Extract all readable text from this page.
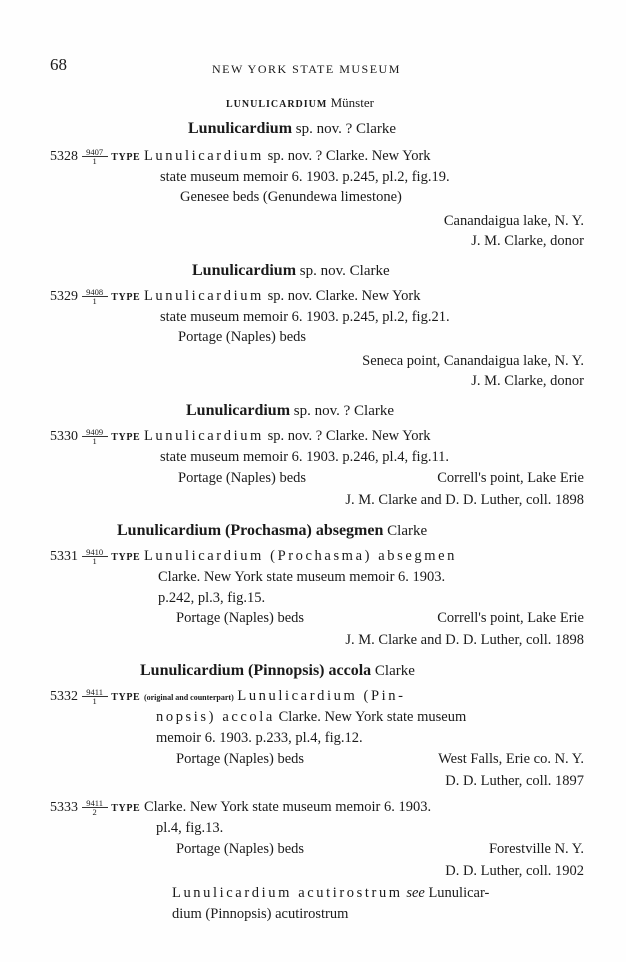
68	NEW YORK STATE MUSEUM
LUNULICARDIUM Münster
Lunulicardium sp. nov. ? Clarke
$5328 \frac{9407}{1}$ TYPE Lunulicardium sp. nov. ? Clarke. New York
state museum memoir 6. 1903. p.245, pl.2, fig.19.
Genesee beds (Genundewa limestone)
Canandaigua lake, N. Y.
J. M. Clarke, donor
Lunulicardium sp. nov. Clarke
$5329 \frac{9408}{1}$ TYPE Lunulicardium sp. nov. Clarke. New York
state museum memoir 6. 1903. p.245, pl.2, fig.21.
Portage (Naples) beds
Seneca point, Canandaigua lake, N. Y.
J. M. Clarke, donor
Lunulicardium sp. nov. ? Clarke
$5330 \frac{9409}{1}$ TYPE Lunulicardium sp. nov. ? Clarke. New York
state museum memoir 6. 1903. p.246, pl.4, fig.11.
Portage (Naples) beds	Correll's point, Lake Erie
J. M. Clarke and D. D. Luther, coll. 1898
Lunulicardium (Prochasma) absegmen Clarke
$5331 \frac{9410}{1}$ TYPE Lunulicardium (Prochasma) absegmen
Clarke. New York state museum memoir 6. 1903.
p.242, pl.3, fig.15.
Portage (Naples) beds	Correll's point, Lake Erie
J. M. Clarke and D. D. Luther, coll. 1898
Lunulicardium (Pinnopsis) accola Clarke
$5332 \frac{9411}{1}$ TYPE (original and counterpart) Lunulicardium (Pin-
nopsis) accola Clarke. New York state museum
memoir 6. 1903. p.233, pl.4, fig.12.
Portage (Naples) beds	West Falls, Erie co. N. Y.
D. D. Luther, coll. 1897
$5333 \frac{9411}{2}$ TYPE Clarke. New York state museum memoir 6. 1903.
pl.4, fig.13.
Portage (Naples) beds	Forestville N. Y.
D. D. Luther, coll. 1902
Lunulicardium acutirostrum see Lunulicar-
dium (Pinnopsis) acutirostrum
